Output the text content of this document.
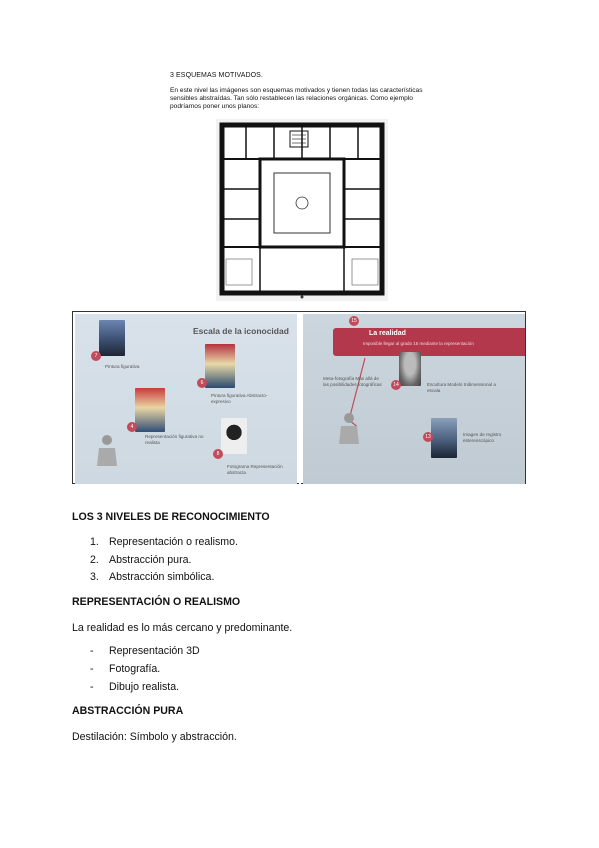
3 ESQUEMAS MOTIVADOS.
En este nivel las imágenes son esquemas motivados y tienen todas las características sensibles abstraídas. Tan sólo restablecen las relaciones orgánicas. Como ejemplo podríamos poner unos planos:
Escala de la iconocidad
7
Pintura figurativa
6
Pintura figurativa Abstracto-expresivo
4
Representación figurativa no realista
8
Fotograma Representación abstracta
15
La realidad
Imposible llegar al grado 15 mediante la representación
Meta-fotografía Más allá de las posibilidades fotográficas	14	Escultura Modelo tridimensional a escala
13	Imagen de registro estereoscópico
LOS 3 NIVELES DE RECONOCIMIENTO
1. Representación o realismo.
2. Abstracción pura.
3. Abstracción simbólica.
REPRESENTACIÓN O REALISMO
La realidad es lo más cercano y predominante.
- Representación 3D
- Fotografía.
- Dibujo realista.
ABSTRACCIÓN PURA
Destilación: Símbolo y abstracción.
